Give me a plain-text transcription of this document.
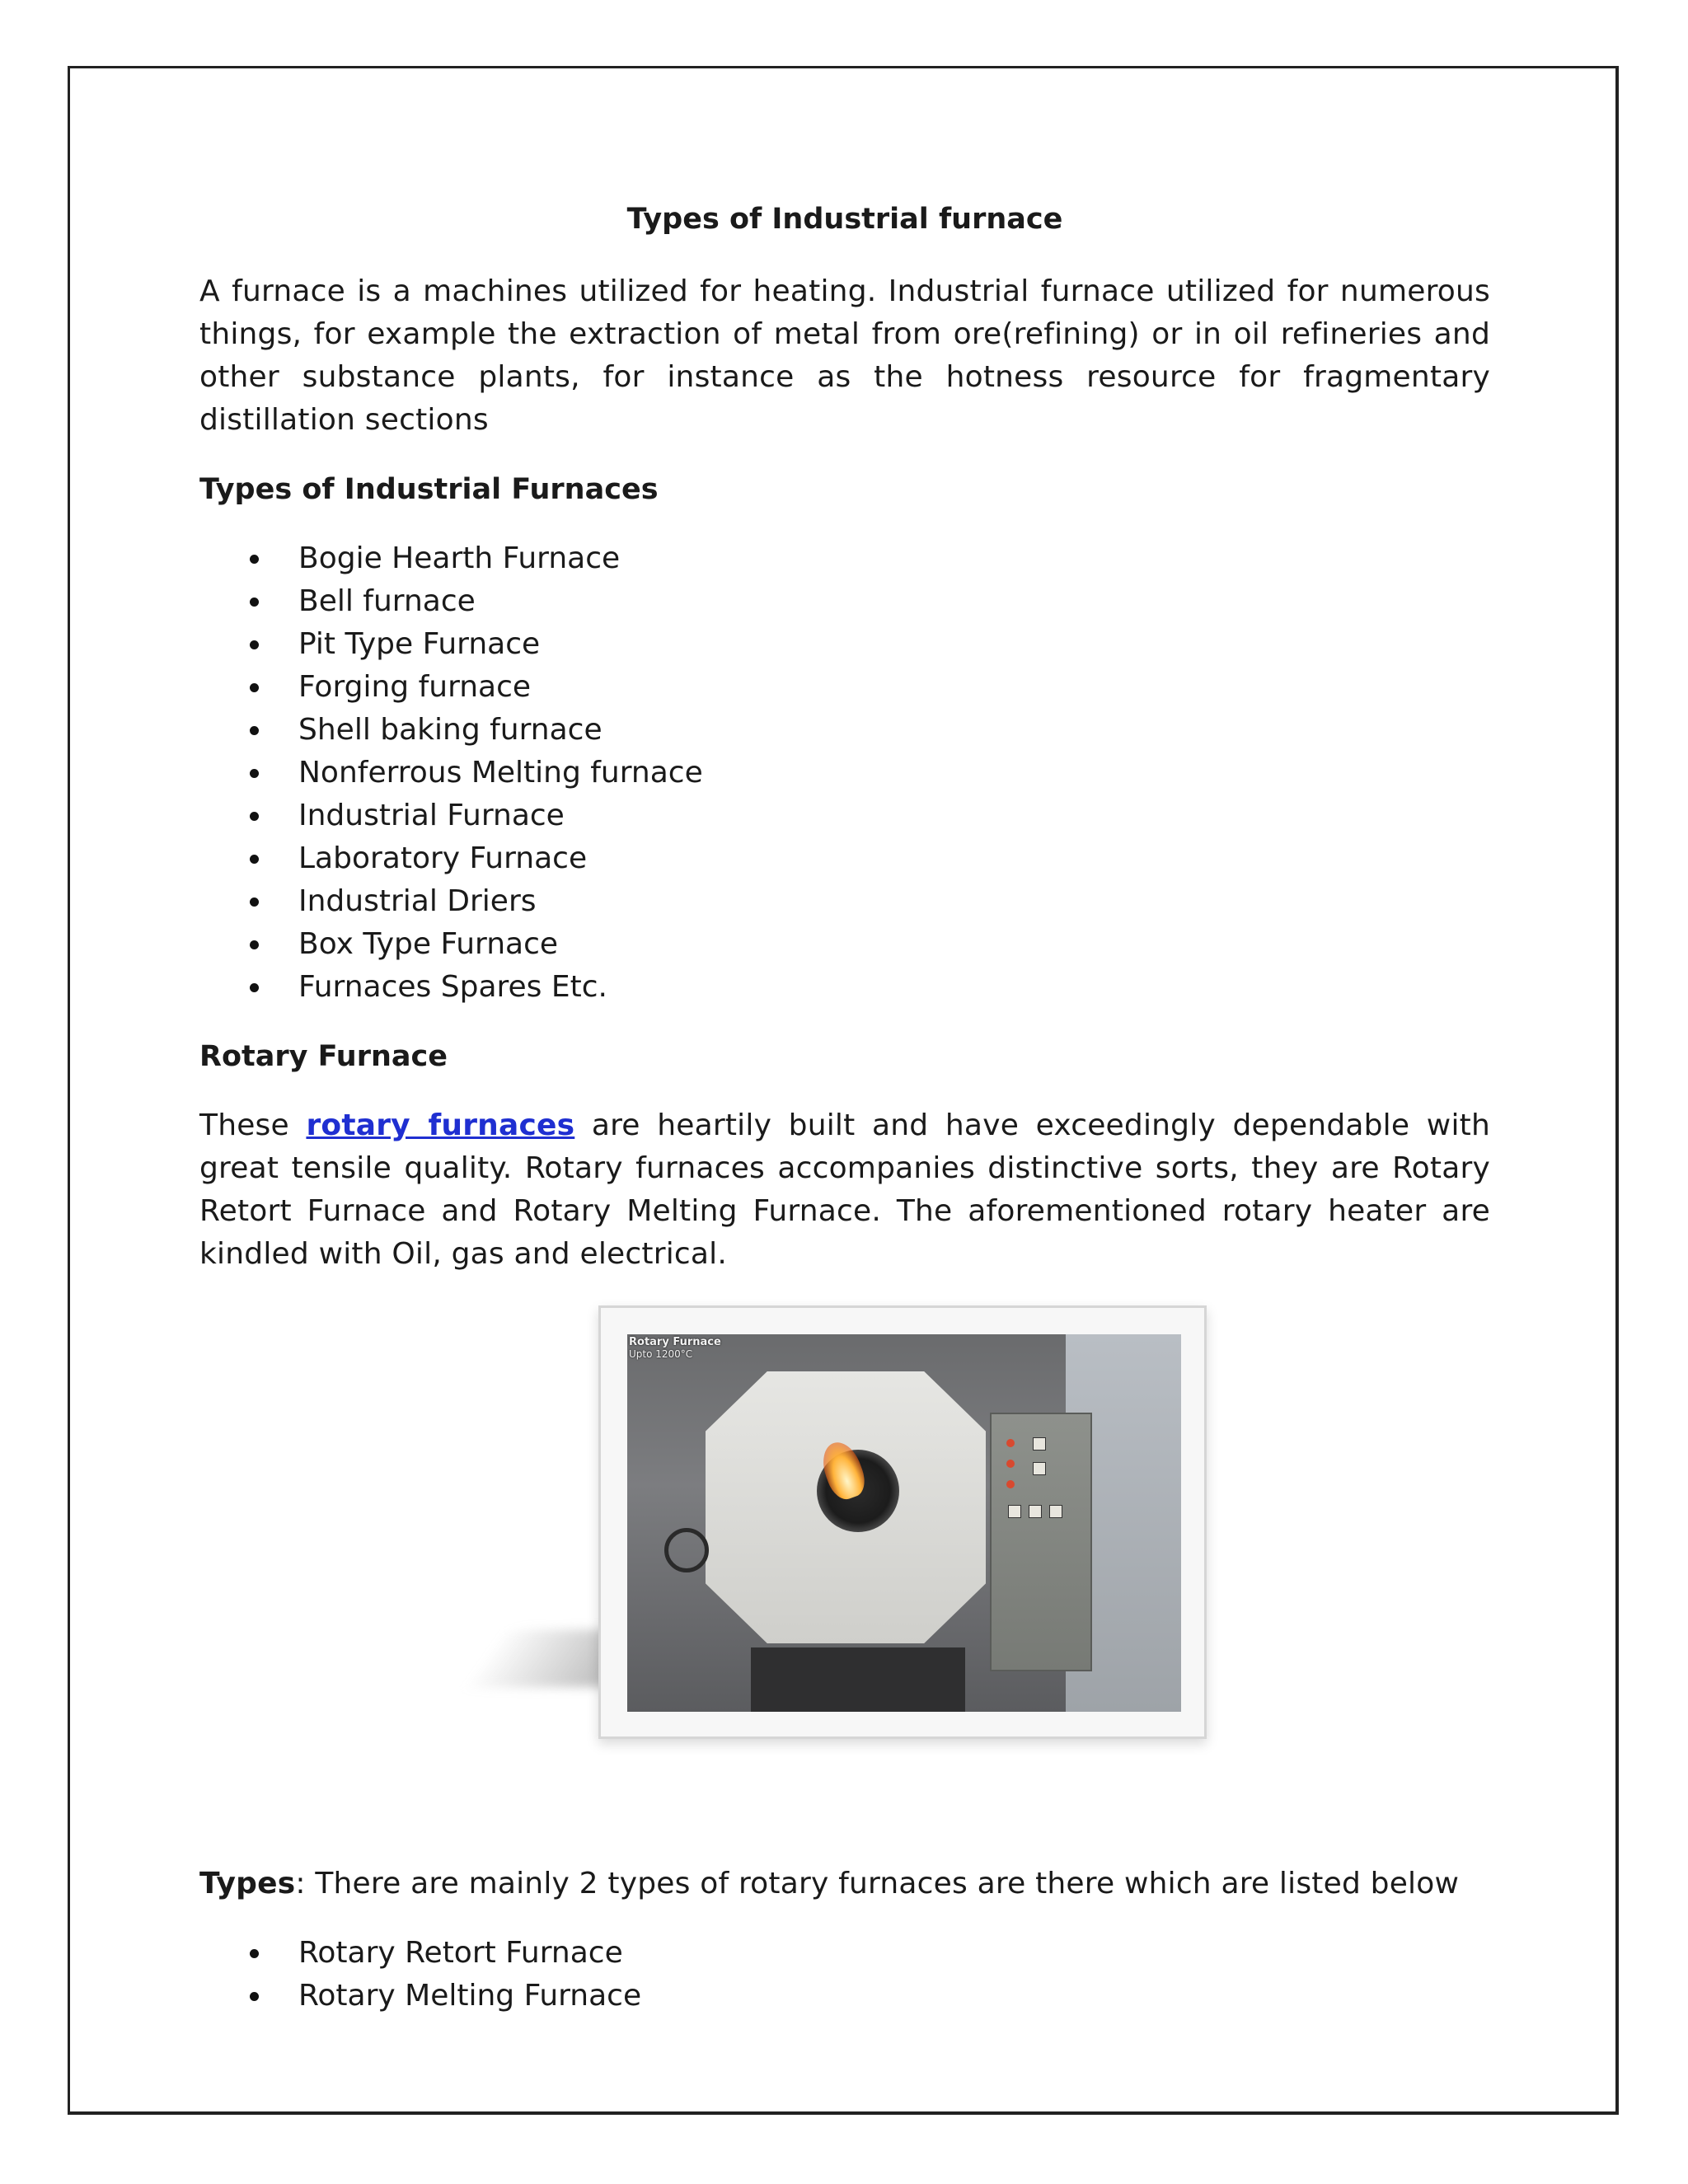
Types of Industrial furnace

A furnace is a machines utilized for heating. Industrial furnace utilized for numerous things, for example the extraction of metal from ore(refining) or in oil refineries and other substance plants, for instance as the hotness resource for fragmentary distillation sections

Types of Industrial Furnaces
Bogie Hearth Furnace
Bell furnace
Pit Type Furnace
Forging furnace
Shell baking furnace
Nonferrous Melting furnace
Industrial Furnace
Laboratory Furnace
Industrial Driers
Box Type Furnace
Furnaces Spares Etc.
Rotary Furnace

These rotary furnaces are heartily built and have exceedingly dependable with great tensile quality. Rotary furnaces accompanies distinctive sorts, they are Rotary Retort Furnace and Rotary Melting Furnace. The aforementioned rotary heater are kindled with Oil, gas and electrical.

Rotary Furnace
Upto 1200°C

Types: There are mainly 2 types of rotary furnaces are there which are listed below

Rotary Retort Furnace
Rotary Melting Furnace
